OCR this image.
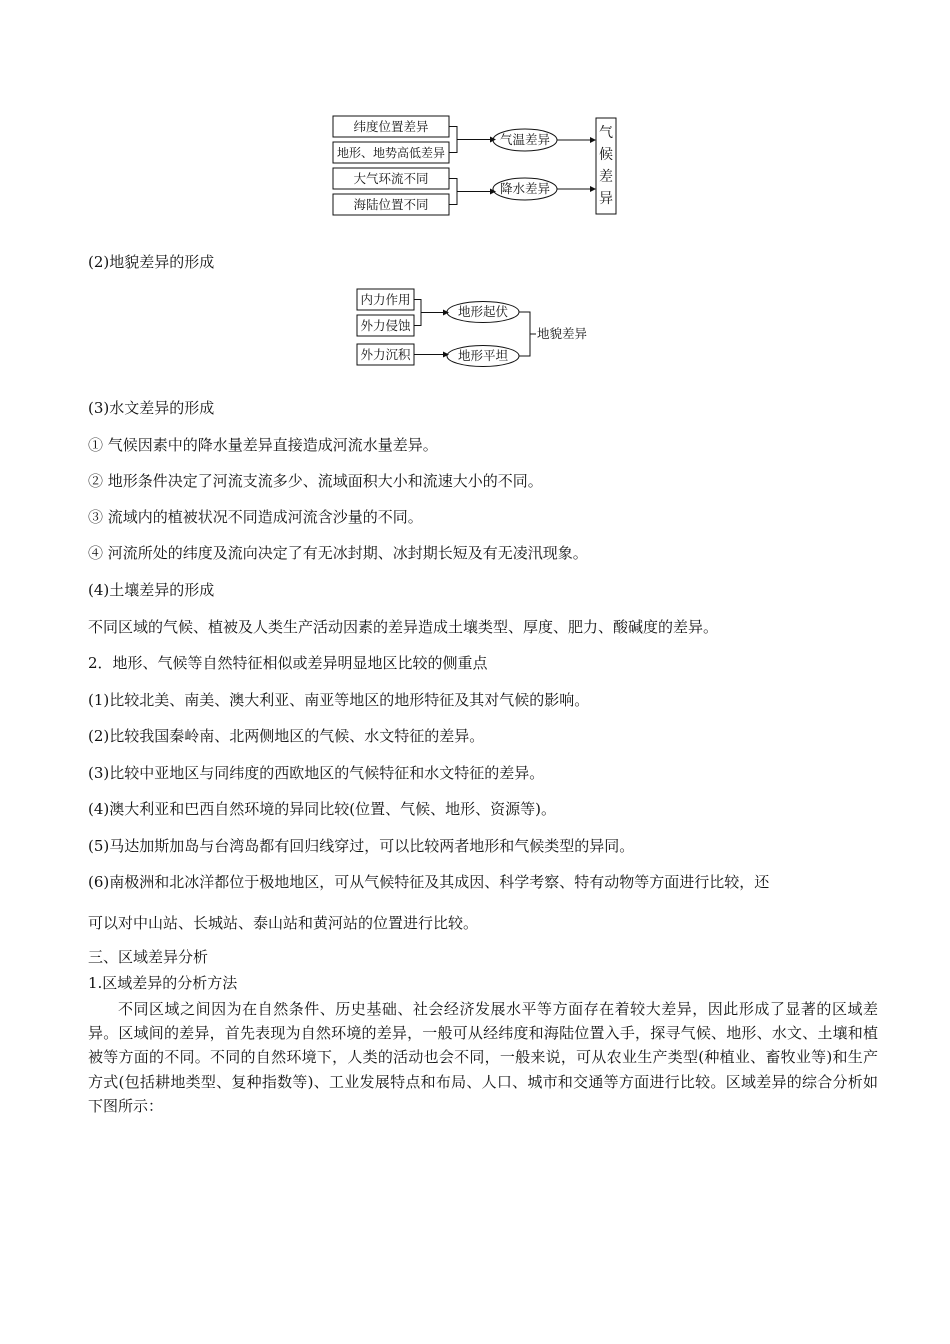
纬度位置差异
地形、地势高低差异
大气环流不同
海陆位置不同
气温差异
降水差异
气
候
差
异
(2)地貌差异的形成
内力作用
外力侵蚀
外力沉积
地形起伏
地形平坦
地貌差异
(3)水文差异的形成
① 气候因素中的降水量差异直接造成河流水量差异。
② 地形条件决定了河流支流多少、流域面积大小和流速大小的不同。
③ 流域内的植被状况不同造成河流含沙量的不同。
④ 河流所处的纬度及流向决定了有无冰封期、冰封期长短及有无凌汛现象。
(4)土壤差异的形成
不同区域的气候、植被及人类生产活动因素的差异造成土壤类型、厚度、肥力、酸碱度的差异。
2．地形、气候等自然特征相似或差异明显地区比较的侧重点
(1)比较北美、南美、澳大利亚、南亚等地区的地形特征及其对气候的影响。
(2)比较我国秦岭南、北两侧地区的气候、水文特征的差异。
(3)比较中亚地区与同纬度的西欧地区的气候特征和水文特征的差异。
(4)澳大利亚和巴西自然环境的异同比较(位置、气候、地形、资源等)。
(5)马达加斯加岛与台湾岛都有回归线穿过，可以比较两者地形和气候类型的异同。
(6)南极洲和北冰洋都位于极地地区，可从气候特征及其成因、科学考察、特有动物等方面进行比较，还
可以对中山站、长城站、泰山站和黄河站的位置进行比较。
三、区域差异分析
1.区域差异的分析方法
不同区域之间因为在自然条件、历史基础、社会经济发展水平等方面存在着较大差异，因此形成了显著的区域差异。区域间的差异，首先表现为自然环境的差异，一般可从经纬度和海陆位置入手，探寻气候、地形、水文、土壤和植被等方面的不同。不同的自然环境下，人类的活动也会不同，一般来说，可从农业生产类型(种植业、畜牧业等)和生产方式(包括耕地类型、复种指数等)、工业发展特点和布局、人口、城市和交通等方面进行比较。区域差异的综合分析如下图所示：
